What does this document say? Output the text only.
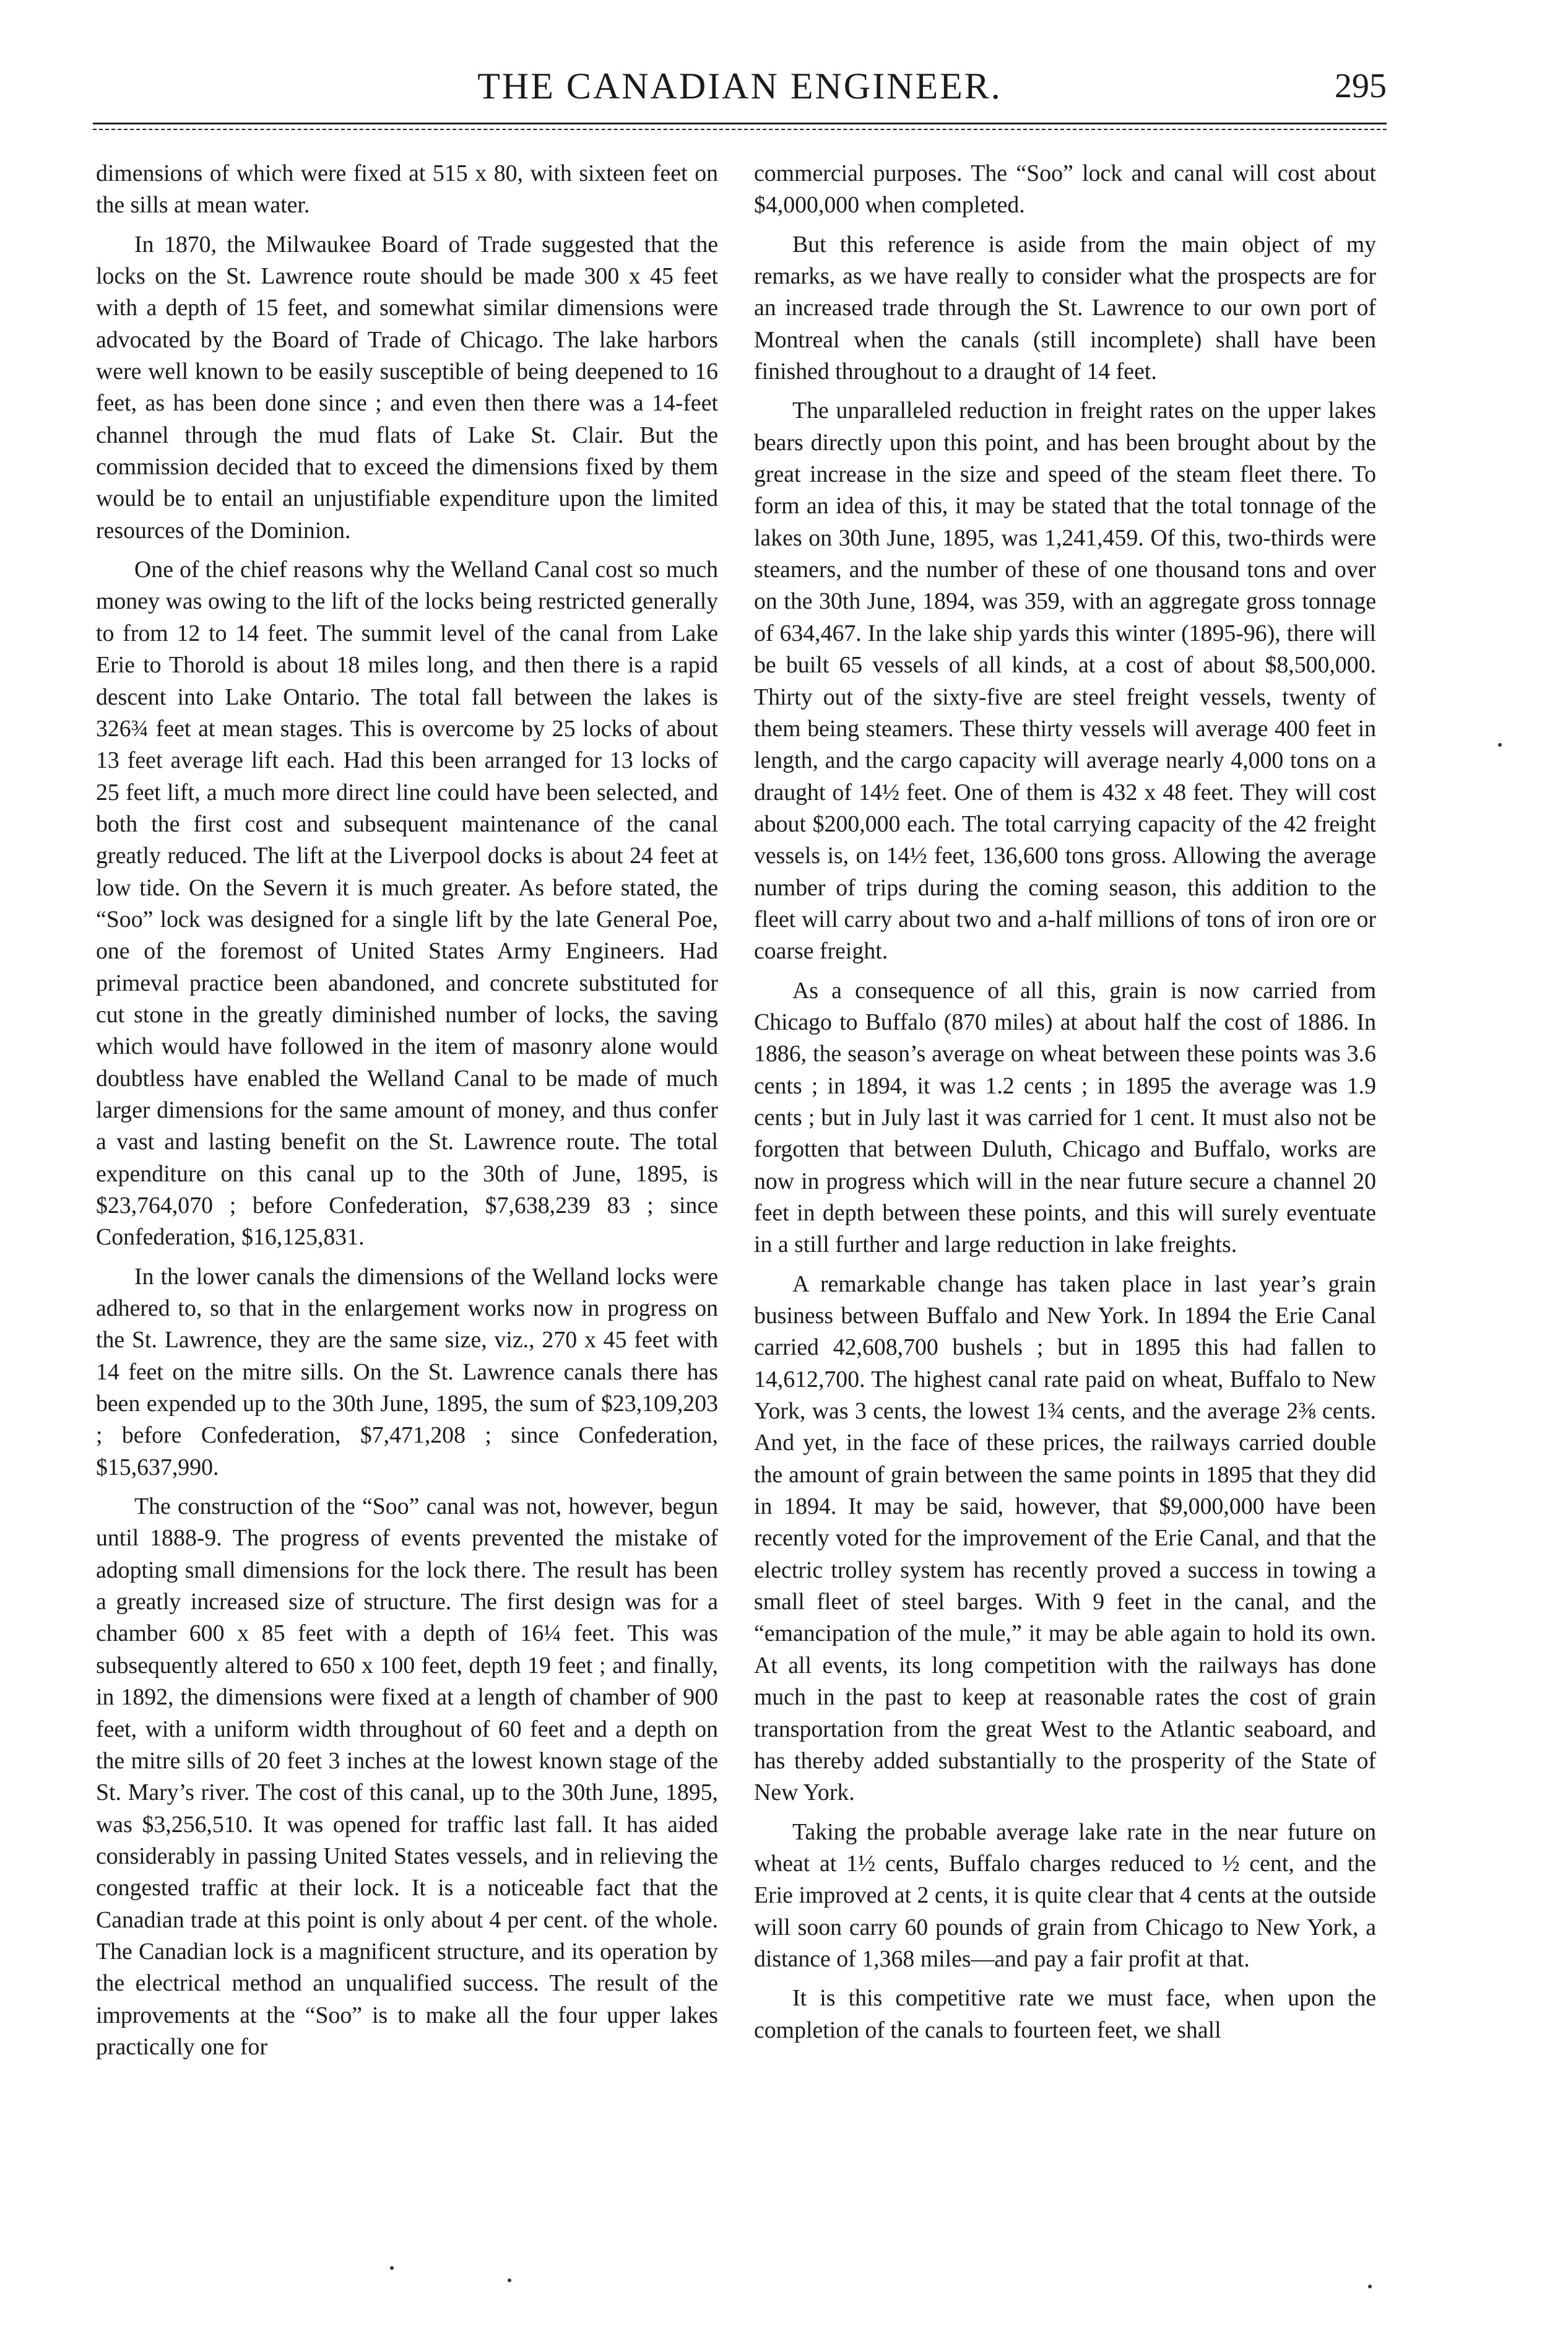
THE CANADIAN ENGINEER.	295

dimensions of which were fixed at 515 x 80, with sixteen feet on the sills at mean water.

In 1870, the Milwaukee Board of Trade suggested that the locks on the St. Lawrence route should be made 300 x 45 feet with a depth of 15 feet, and somewhat similar dimensions were advocated by the Board of Trade of Chicago. The lake harbors were well known to be easily susceptible of being deepened to 16 feet, as has been done since ; and even then there was a 14-feet channel through the mud flats of Lake St. Clair. But the commission decided that to exceed the dimensions fixed by them would be to entail an unjustifiable expenditure upon the limited resources of the Dominion.

One of the chief reasons why the Welland Canal cost so much money was owing to the lift of the locks being restricted generally to from 12 to 14 feet. The summit level of the canal from Lake Erie to Thorold is about 18 miles long, and then there is a rapid descent into Lake Ontario. The total fall between the lakes is 326¾ feet at mean stages. This is overcome by 25 locks of about 13 feet average lift each. Had this been arranged for 13 locks of 25 feet lift, a much more direct line could have been selected, and both the first cost and subsequent maintenance of the canal greatly reduced. The lift at the Liverpool docks is about 24 feet at low tide. On the Severn it is much greater. As before stated, the “Soo” lock was designed for a single lift by the late General Poe, one of the foremost of United States Army Engineers. Had primeval practice been abandoned, and concrete substituted for cut stone in the greatly diminished number of locks, the saving which would have followed in the item of masonry alone would doubtless have enabled the Welland Canal to be made of much larger dimensions for the same amount of money, and thus confer a vast and lasting benefit on the St. Lawrence route. The total expenditure on this canal up to the 30th of June, 1895, is $23,764,070 ; before Confederation, $7,638,239 83 ; since Confederation, $16,125,831.

In the lower canals the dimensions of the Welland locks were adhered to, so that in the enlargement works now in progress on the St. Lawrence, they are the same size, viz., 270 x 45 feet with 14 feet on the mitre sills. On the St. Lawrence canals there has been expended up to the 30th June, 1895, the sum of $23,109,203 ; before Confederation, $7,471,208 ; since Confederation, $15,637,990.

The construction of the “Soo” canal was not, however, begun until 1888-9. The progress of events prevented the mistake of adopting small dimensions for the lock there. The result has been a greatly increased size of structure. The first design was for a chamber 600 x 85 feet with a depth of 16¼ feet. This was subsequently altered to 650 x 100 feet, depth 19 feet ; and finally, in 1892, the dimensions were fixed at a length of chamber of 900 feet, with a uniform width throughout of 60 feet and a depth on the mitre sills of 20 feet 3 inches at the lowest known stage of the St. Mary’s river. The cost of this canal, up to the 30th June, 1895, was $3,256,510. It was opened for traffic last fall. It has aided considerably in passing United States vessels, and in relieving the congested traffic at their lock. It is a noticeable fact that the Canadian trade at this point is only about 4 per cent. of the whole. The Canadian lock is a magnificent structure, and its operation by the electrical method an unqualified success. The result of the improvements at the “Soo” is to make all the four upper lakes practically one for

commercial purposes. The “Soo” lock and canal will cost about $4,000,000 when completed.

But this reference is aside from the main object of my remarks, as we have really to consider what the prospects are for an increased trade through the St. Lawrence to our own port of Montreal when the canals (still incomplete) shall have been finished throughout to a draught of 14 feet.

The unparalleled reduction in freight rates on the upper lakes bears directly upon this point, and has been brought about by the great increase in the size and speed of the steam fleet there. To form an idea of this, it may be stated that the total tonnage of the lakes on 30th June, 1895, was 1,241,459. Of this, two-thirds were steamers, and the number of these of one thousand tons and over on the 30th June, 1894, was 359, with an aggregate gross tonnage of 634,467. In the lake ship yards this winter (1895-96), there will be built 65 vessels of all kinds, at a cost of about $8,500,000. Thirty out of the sixty-five are steel freight vessels, twenty of them being steamers. These thirty vessels will average 400 feet in length, and the cargo capacity will average nearly 4,000 tons on a draught of 14½ feet. One of them is 432 x 48 feet. They will cost about $200,000 each. The total carrying capacity of the 42 freight vessels is, on 14½ feet, 136,600 tons gross. Allowing the average number of trips during the coming season, this addition to the fleet will carry about two and a-half millions of tons of iron ore or coarse freight.

As a consequence of all this, grain is now carried from Chicago to Buffalo (870 miles) at about half the cost of 1886. In 1886, the season’s average on wheat between these points was 3.6 cents ; in 1894, it was 1.2 cents ; in 1895 the average was 1.9 cents ; but in July last it was carried for 1 cent. It must also not be forgotten that between Duluth, Chicago and Buffalo, works are now in progress which will in the near future secure a channel 20 feet in depth between these points, and this will surely eventuate in a still further and large reduction in lake freights.

A remarkable change has taken place in last year’s grain business between Buffalo and New York. In 1894 the Erie Canal carried 42,608,700 bushels ; but in 1895 this had fallen to 14,612,700. The highest canal rate paid on wheat, Buffalo to New York, was 3 cents, the lowest 1¾ cents, and the average 2⅜ cents. And yet, in the face of these prices, the railways carried double the amount of grain between the same points in 1895 that they did in 1894. It may be said, however, that $9,000,000 have been recently voted for the improvement of the Erie Canal, and that the electric trolley system has recently proved a success in towing a small fleet of steel barges. With 9 feet in the canal, and the “emancipation of the mule,” it may be able again to hold its own. At all events, its long competition with the railways has done much in the past to keep at reasonable rates the cost of grain transportation from the great West to the Atlantic seaboard, and has thereby added substantially to the prosperity of the State of New York.

Taking the probable average lake rate in the near future on wheat at 1½ cents, Buffalo charges reduced to ½ cent, and the Erie improved at 2 cents, it is quite clear that 4 cents at the outside will soon carry 60 pounds of grain from Chicago to New York, a distance of 1,368 miles—and pay a fair profit at that.

It is this competitive rate we must face, when upon the completion of the canals to fourteen feet, we shall
